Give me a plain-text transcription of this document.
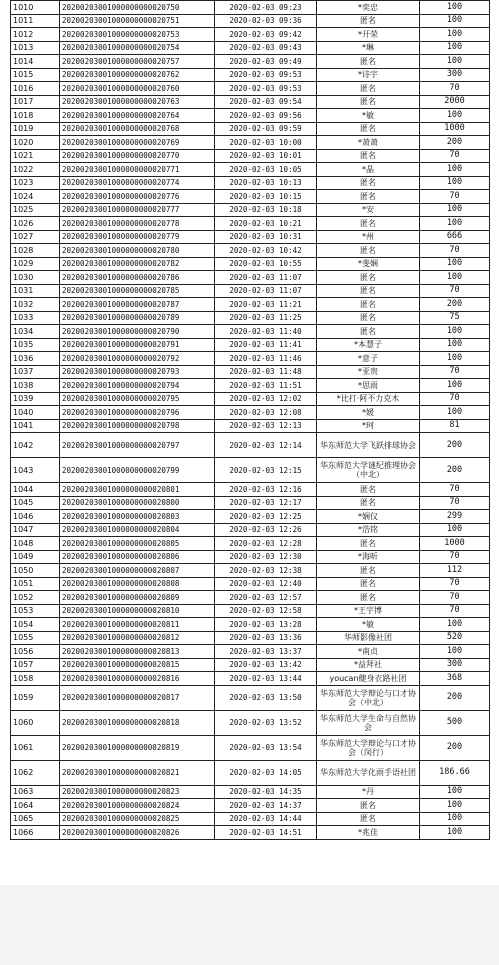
1010	20200203001000000000020750	2020-02-03 09:23	*奕忠	100
1011	20200203001000000000020751	2020-02-03 09:36	匿名	100
1012	20200203001000000000020753	2020-02-03 09:42	*开荣	100
1013	20200203001000000000020754	2020-02-03 09:43	*琳	100
1014	20200203001000000000020757	2020-02-03 09:49	匿名	100
1015	20200203001000000000020762	2020-02-03 09:53	*诗宇	300
1016	20200203001000000000020760	2020-02-03 09:53	匿名	70
1017	20200203001000000000020763	2020-02-03 09:54	匿名	2000
1018	20200203001000000000020764	2020-02-03 09:56	*敏	100
1019	20200203001000000000020768	2020-02-03 09:59	匿名	1000
1020	20200203001000000000020769	2020-02-03 10:00	*萧萧	200
1021	20200203001000000000020770	2020-02-03 10:01	匿名	70
1022	20200203001000000000020771	2020-02-03 10:05	*晶	100
1023	20200203001000000000020774	2020-02-03 10:13	匿名	100
1024	20200203001000000000020776	2020-02-03 10:15	匿名	70
1025	20200203001000000000020777	2020-02-03 10:18	*安	100
1026	20200203001000000000020778	2020-02-03 10:21	匿名	100
1027	20200203001000000000020779	2020-02-03 10:31	*州	666
1028	20200203001000000000020780	2020-02-03 10:42	匿名	70
1029	20200203001000000000020782	2020-02-03 10:55	*斐娴	100
1030	20200203001000000000020786	2020-02-03 11:07	匿名	100
1031	20200203001000000000020785	2020-02-03 11:07	匿名	70
1032	20200203001000000000020787	2020-02-03 11:21	匿名	200
1033	20200203001000000000020789	2020-02-03 11:25	匿名	75
1034	20200203001000000000020790	2020-02-03 11:40	匿名	100
1035	20200203001000000000020791	2020-02-03 11:41	*本慧子	100
1036	20200203001000000000020792	2020-02-03 11:46	*意子	100
1037	20200203001000000000020793	2020-02-03 11:48	*亚贵	70
1038	20200203001000000000020794	2020-02-03 11:51	*思雨	100
1039	20200203001000000000020795	2020-02-03 12:02	*比打·阿不力克木	70
1040	20200203001000000000020796	2020-02-03 12:08	*媛	100
1041	20200203001000000000020798	2020-02-03 12:13	*珂	81
1042	20200203001000000000020797	2020-02-03 12:14	华东师范大学飞跃排球协会	200
1043	20200203001000000000020799	2020-02-03 12:15	华东师范大学谜纪推理协会（中北）	200
1044	20200203001000000000020801	2020-02-03 12:16	匿名	70
1045	20200203001000000000020800	2020-02-03 12:17	匿名	70
1046	20200203001000000000020803	2020-02-03 12:25	*娴仪	299
1047	20200203001000000000020804	2020-02-03 12:26	*浩铭	100
1048	20200203001000000000020805	2020-02-03 12:28	匿名	1000
1049	20200203001000000000020806	2020-02-03 12:30	*海昕	70
1050	20200203001000000000020807	2020-02-03 12:38	匿名	112
1051	20200203001000000000020808	2020-02-03 12:40	匿名	70
1052	20200203001000000000020809	2020-02-03 12:57	匿名	70
1053	20200203001000000000020810	2020-02-03 12:58	*王宇博	70
1054	20200203001000000000020811	2020-02-03 13:28	*敏	100
1055	20200203001000000000020812	2020-02-03 13:36	华师影像社团	520
1056	20200203001000000000020813	2020-02-03 13:37	*南贞	100
1057	20200203001000000000020815	2020-02-03 13:42	*益拜社	300
1058	20200203001000000000020816	2020-02-03 13:44	youcan健身衣路社团	368
1059	20200203001000000000020817	2020-02-03 13:50	华东师范大学辩论与口才协会（中北）	200
1060	20200203001000000000020818	2020-02-03 13:52	华东师范大学生命与自然协会	500
1061	20200203001000000000020819	2020-02-03 13:54	华东师范大学辩论与口才协会（闵行）	200
1062	20200203001000000000020821	2020-02-03 14:05	华东师范大学化雨手语社团	186.66
1063	20200203001000000000020823	2020-02-03 14:35	*丹	100
1064	20200203001000000000020824	2020-02-03 14:37	匿名	100
1065	20200203001000000000020825	2020-02-03 14:44	匿名	100
1066	20200203001000000000020826	2020-02-03 14:51	*兆佳	100
